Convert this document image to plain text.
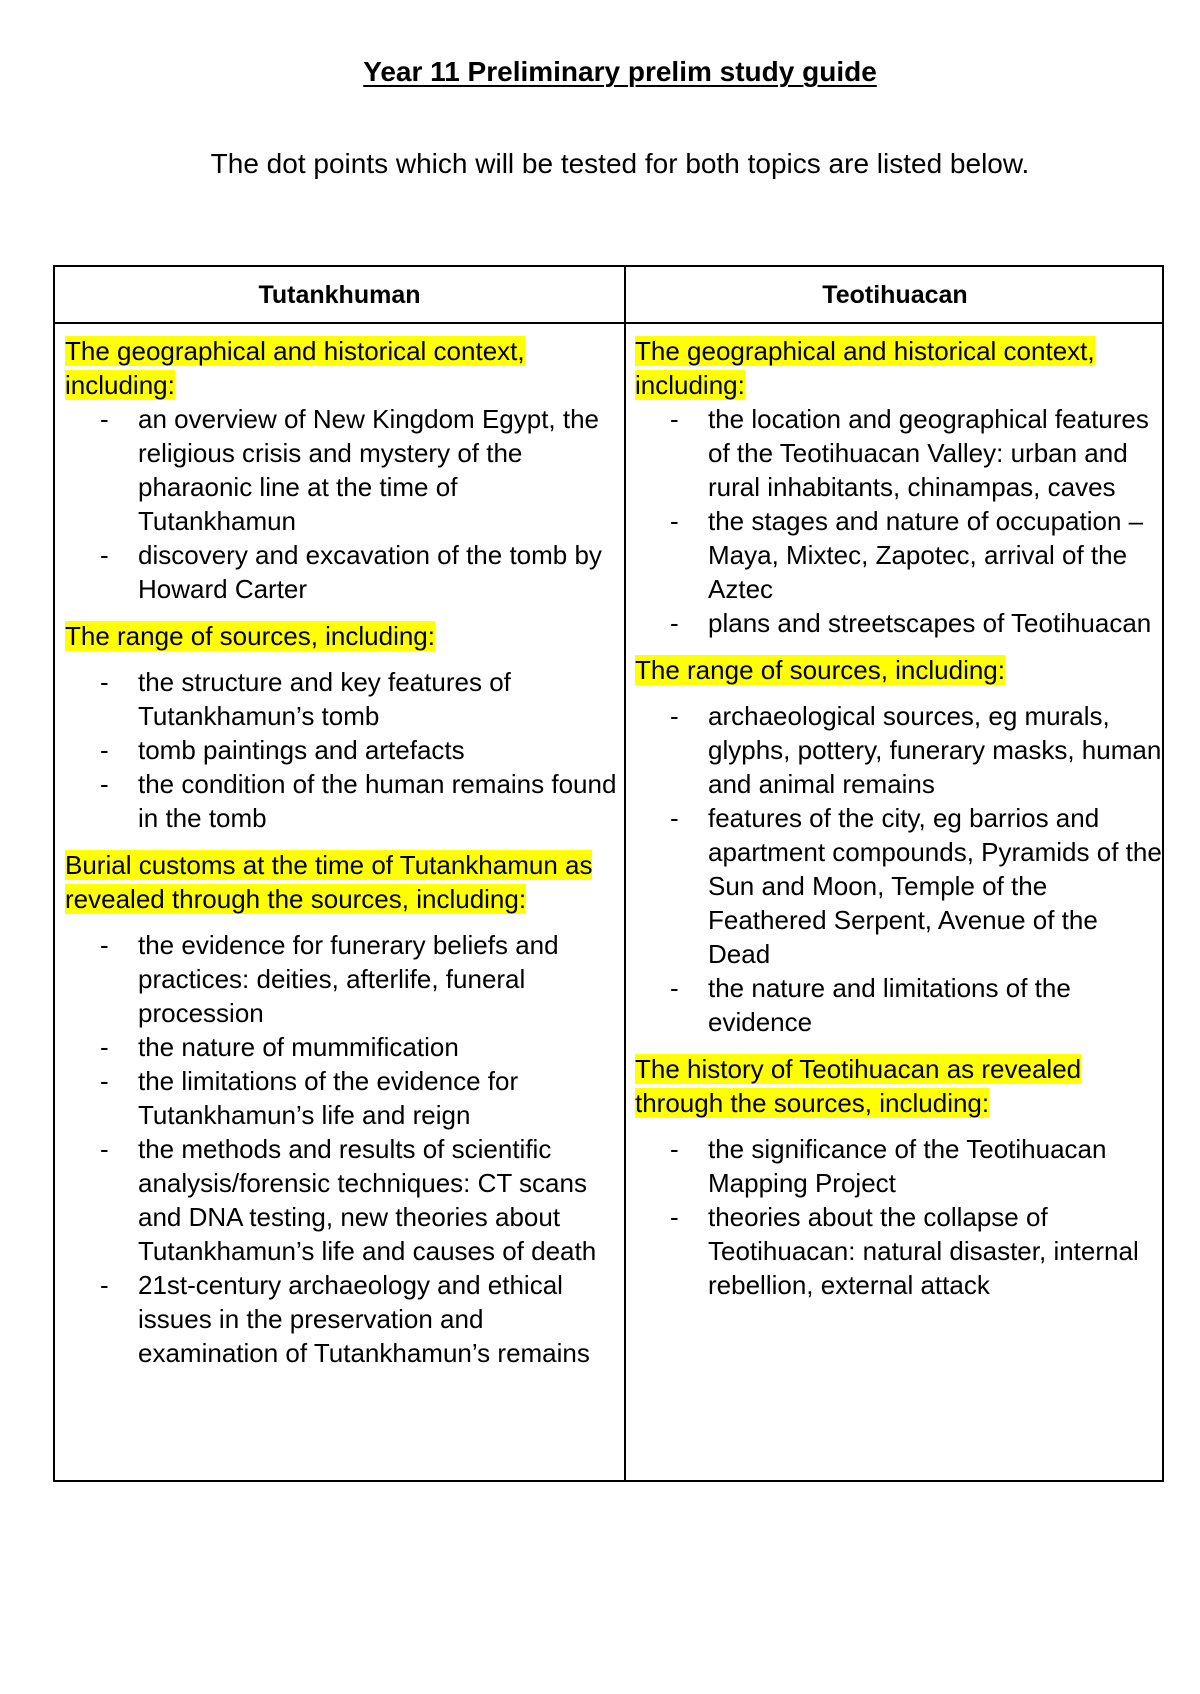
Year 11 Preliminary prelim study guide
The dot points which will be tested for both topics are listed below.
Tutankhuman	Teotihuacan
The geographical and historical context, including:
- an overview of New Kingdom Egypt, the religious crisis and mystery of the pharaonic line at the time of Tutankhamun
- discovery and excavation of the tomb by Howard Carter
The range of sources, including:
- the structure and key features of Tutankhamun’s tomb
- tomb paintings and artefacts
- the condition of the human remains found in the tomb
Burial customs at the time of Tutankhamun as revealed through the sources, including:
- the evidence for funerary beliefs and practices: deities, afterlife, funeral procession
- the nature of mummification
- the limitations of the evidence for Tutankhamun’s life and reign
- the methods and results of scientific analysis/forensic techniques: CT scans and DNA testing, new theories about Tutankhamun’s life and causes of death
- 21st-century archaeology and ethical issues in the preservation and examination of Tutankhamun’s remains
The geographical and historical context, including:
- the location and geographical features of the Teotihuacan Valley: urban and rural inhabitants, chinampas, caves
- the stages and nature of occupation – Maya, Mixtec, Zapotec, arrival of the Aztec
- plans and streetscapes of Teotihuacan
The range of sources, including:
- archaeological sources, eg murals, glyphs, pottery, funerary masks, human and animal remains
- features of the city, eg barrios and apartment compounds, Pyramids of the Sun and Moon, Temple of the Feathered Serpent, Avenue of the Dead
- the nature and limitations of the evidence
The history of Teotihuacan as revealed through the sources, including:
- the significance of the Teotihuacan Mapping Project
- theories about the collapse of Teotihuacan: natural disaster, internal rebellion, external attack
